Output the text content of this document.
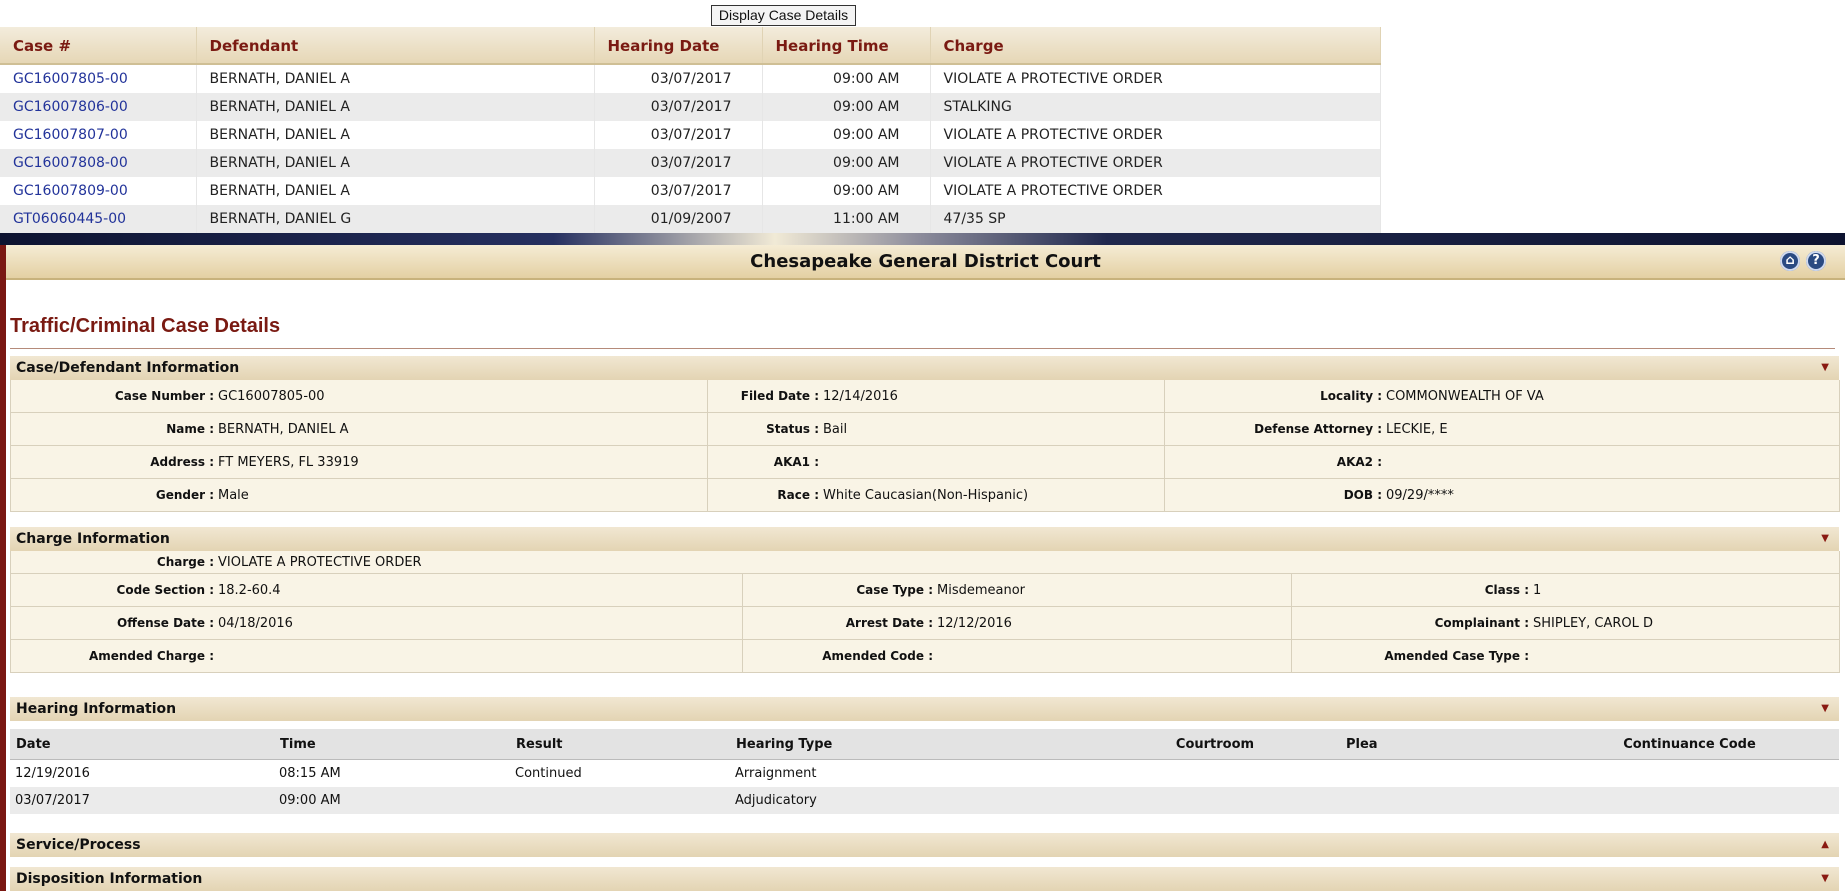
Display Case Details
Case #	Defendant	Hearing Date	Hearing Time	Charge
GC16007805-00	BERNATH, DANIEL A	03/07/2017	09:00 AM	VIOLATE A PROTECTIVE ORDER
GC16007806-00	BERNATH, DANIEL A	03/07/2017	09:00 AM	STALKING
GC16007807-00	BERNATH, DANIEL A	03/07/2017	09:00 AM	VIOLATE A PROTECTIVE ORDER
GC16007808-00	BERNATH, DANIEL A	03/07/2017	09:00 AM	VIOLATE A PROTECTIVE ORDER
GC16007809-00	BERNATH, DANIEL A	03/07/2017	09:00 AM	VIOLATE A PROTECTIVE ORDER
GT06060445-00	BERNATH, DANIEL G	01/09/2007	11:00 AM	47/35 SP
Chesapeake General District Court	⌂	?
Traffic/Criminal Case Details
Case/Defendant Information	▼
Case Number : GC16007805-00	Filed Date : 12/14/2016	Locality : COMMONWEALTH OF VA
Name : BERNATH, DANIEL A	Status : Bail	Defense Attorney : LECKIE, E
Address : FT MEYERS, FL 33919	AKA1 :	AKA2 :
Gender : Male	Race : White Caucasian(Non-Hispanic)	DOB : 09/29/****
Charge Information	▼
Charge : VIOLATE A PROTECTIVE ORDER		
Code Section : 18.2-60.4	Case Type : Misdemeanor	Class : 1
Offense Date : 04/18/2016	Arrest Date : 12/12/2016	Complainant : SHIPLEY, CAROL D
Amended Charge :	Amended Code :	Amended Case Type :
Hearing Information	▼
Date	Time	Result	Hearing Type	Courtroom	Plea	Continuance Code
12/19/2016	08:15 AM	Continued	Arraignment			
03/07/2017	09:00 AM		Adjudicatory			
Service/Process	▲
Disposition Information	▼
